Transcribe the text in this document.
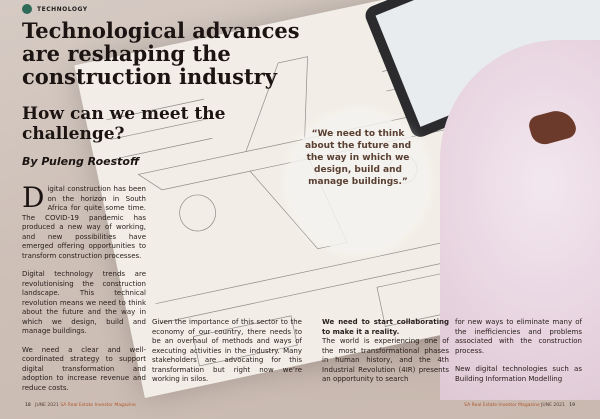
TECHNOLOGY
Technological advances are reshaping the construction industry
How can we meet the challenge?
By Puleng Roestoff
“We need to think about the future and the way in which we design, build and manage buildings.”

Digital construction has been on the horizon in South Africa for quite some time. The COVID-19 pandemic has produced a new way of working, and new possibilities have emerged offering opportunities to transform construction processes.

Digital technology trends are revolutionising the construction landscape. This technical revolution means we need to think about the future and the way in which we design, build and manage buildings.

We need a clear and well-coordinated strategy to support digital transformation and adoption to increase revenue and reduce costs.

Given the importance of this sector to the economy of our country, there needs to be an overhaul of methods and ways of executing activities in the industry. Many stakeholders are advocating for this transformation but right now we’re working in silos.

We need to start collaborating to make it a reality.

The world is experiencing one of the most transformational phases in human history, and the 4th Industrial Revolution (4IR) presents an opportunity to search

for new ways to eliminate many of the inefficiencies and problems associated with the construction process.

New digital technologies such as Building Information Modelling

18 JUNE 2021 SA Real Estate Investor Magazine	SA Real Estate Investor Magazine JUNE 2021 19
